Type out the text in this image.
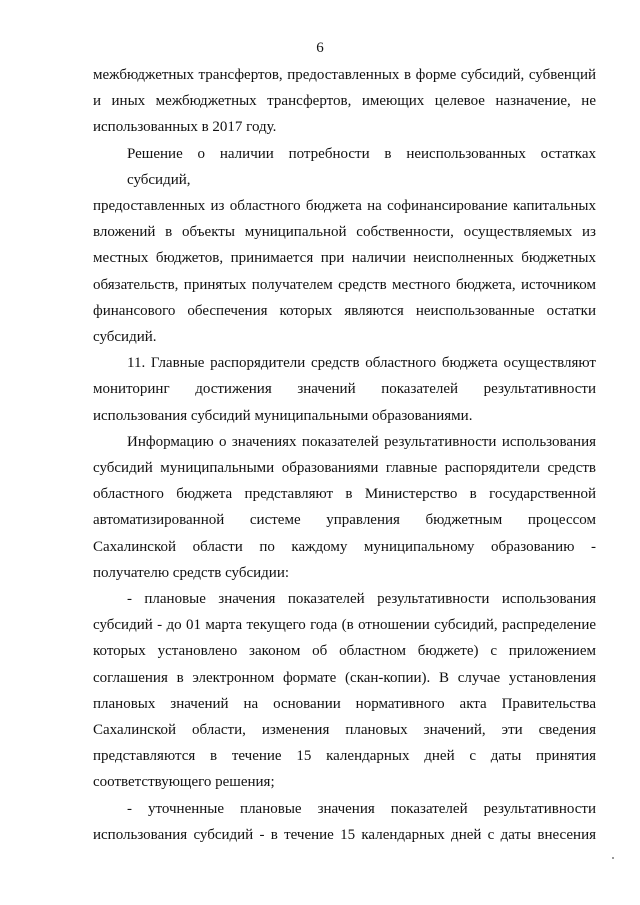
6
межбюджетных трансфертов, предоставленных в форме субсидий, субвенций
и иных межбюджетных трансфертов, имеющих целевое назначение, не
использованных в 2017 году.
Решение о наличии потребности в неиспользованных остатках субсидий,
предоставленных из областного бюджета на софинансирование капитальных
вложений в объекты муниципальной собственности, осуществляемых из
местных бюджетов, принимается при наличии неисполненных бюджетных
обязательств, принятых получателем средств местного бюджета, источником
финансового обеспечения которых являются неиспользованные остатки
субсидий.
11. Главные распорядители средств областного бюджета осуществляют
мониторинг достижения значений показателей результативности
использования субсидий муниципальными образованиями.
Информацию о значениях показателей результативности использования
субсидий муниципальными образованиями главные распорядители средств
областного бюджета представляют в Министерство в государственной
автоматизированной системе управления бюджетным процессом
Сахалинской области по каждому муниципальному образованию -
получателю средств субсидии:
- плановые значения показателей результативности использования
субсидий - до 01 марта текущего года (в отношении субсидий, распределение
которых установлено законом об областном бюджете) с приложением
соглашения в электронном формате (скан-копии). В случае установления
плановых значений на основании нормативного акта Правительства
Сахалинской области, изменения плановых значений, эти сведения
представляются в течение 15 календарных дней с даты принятия
соответствующего решения;
- уточненные плановые значения показателей результативности
использования субсидий - в течение 15 календарных дней с даты внесения
